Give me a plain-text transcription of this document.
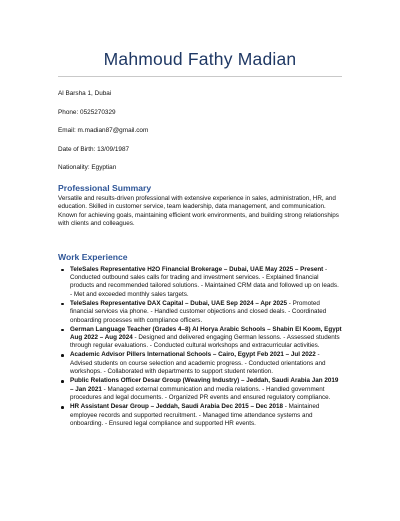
Mahmoud Fathy Madian
Al Barsha 1, Dubai
Phone: 0525270329
Email: m.madian87@gmail.com
Date of Birth: 13/09/1987
Nationality: Egyptian
Professional Summary
Versatile and results-driven professional with extensive experience in sales, administration, HR, and education. Skilled in customer service, team leadership, data management, and communication. Known for achieving goals, maintaining efficient work environments, and building strong relationships with clients and colleagues.
Work Experience
TeleSales Representative H2O Financial Brokerage – Dubai, UAE May 2025 – Present - Conducted outbound sales calls for trading and investment services. - Explained financial products and recommended tailored solutions. - Maintained CRM data and followed up on leads. - Met and exceeded monthly sales targets.
TeleSales Representative DAX Capital – Dubai, UAE Sep 2024 – Apr 2025 - Promoted financial services via phone. - Handled customer objections and closed deals. - Coordinated onboarding processes with compliance officers.
German Language Teacher (Grades 4–8) Al Horya Arabic Schools – Shabin El Koom, Egypt Aug 2022 – Aug 2024 - Designed and delivered engaging German lessons. - Assessed students through regular evaluations. - Conducted cultural workshops and extracurricular activities.
Academic Advisor Pillers International Schools – Cairo, Egypt Feb 2021 – Jul 2022 - Advised students on course selection and academic progress. - Conducted orientations and workshops. - Collaborated with departments to support student retention.
Public Relations Officer Desar Group (Weaving Industry) – Jeddah, Saudi Arabia Jan 2019 – Jan 2021 - Managed external communication and media relations. - Handled government procedures and legal documents. - Organized PR events and ensured regulatory compliance.
HR Assistant Desar Group – Jeddah, Saudi Arabia Dec 2015 – Dec 2018 - Maintained employee records and supported recruitment. - Managed time attendance systems and onboarding. - Ensured legal compliance and supported HR events.
